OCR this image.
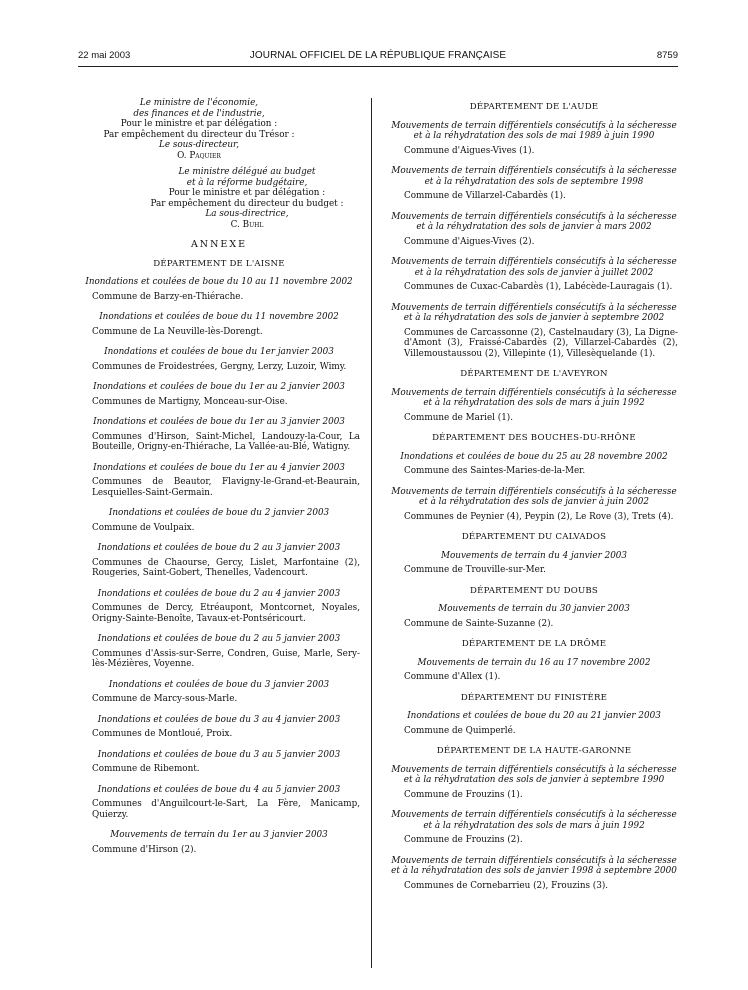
22 mai 2003	JOURNAL OFFICIEL DE LA RÉPUBLIQUE FRANÇAISE	8759
Le ministre de l'économie,
des finances et de l'industrie,
Pour le ministre et par délégation :
Par empêchement du directeur du Trésor :
Le sous-directeur,
O. Paquier
Le ministre délégué au budget
et à la réforme budgétaire,
Pour le ministre et par délégation :
Par empêchement du directeur du budget :
La sous-directrice,
C. Buhl
ANNEXE
DÉPARTEMENT DE L'AISNE
Inondations et coulées de boue du 10 au 11 novembre 2002
Commune de Barzy-en-Thiérache.
Inondations et coulées de boue du 11 novembre 2002
Commune de La Neuville-lès-Dorengt.
Inondations et coulées de boue du 1er janvier 2003
Communes de Froidestrées, Gergny, Lerzy, Luzoir, Wimy.
Inondations et coulées de boue du 1er au 2 janvier 2003
Communes de Martigny, Monceau-sur-Oise.
Inondations et coulées de boue du 1er au 3 janvier 2003
Communes d'Hirson, Saint-Michel, Landouzy-la-Cour, La Bouteille, Origny-en-Thiérache, La Vallée-au-Blé, Watigny.
Inondations et coulées de boue du 1er au 4 janvier 2003
Communes de Beautor, Flavigny-le-Grand-et-Beaurain, Lesquielles-Saint-Germain.
Inondations et coulées de boue du 2 janvier 2003
Commune de Voulpaix.
Inondations et coulées de boue du 2 au 3 janvier 2003
Communes de Chaourse, Gercy, Lislet, Marfontaine (2), Rougeries, Saint-Gobert, Thenelles, Vadencourt.
Inondations et coulées de boue du 2 au 4 janvier 2003
Communes de Dercy, Etréaupont, Montcornet, Noyales, Origny-Sainte-Benoîte, Tavaux-et-Pontséricourt.
Inondations et coulées de boue du 2 au 5 janvier 2003
Communes d'Assis-sur-Serre, Condren, Guise, Marle, Sery-lès-Mézières, Voyenne.
Inondations et coulées de boue du 3 janvier 2003
Commune de Marcy-sous-Marle.
Inondations et coulées de boue du 3 au 4 janvier 2003
Communes de Montloué, Proix.
Inondations et coulées de boue du 3 au 5 janvier 2003
Commune de Ribemont.
Inondations et coulées de boue du 4 au 5 janvier 2003
Communes d'Anguilcourt-le-Sart, La Fère, Manicamp, Quierzy.
Mouvements de terrain du 1er au 3 janvier 2003
Commune d'Hirson (2).
DÉPARTEMENT DE L'AUDE
Mouvements de terrain différentiels consécutifs à la sécheresse et à la réhydratation des sols de mai 1989 à juin 1990
Commune d'Aigues-Vives (1).
Mouvements de terrain différentiels consécutifs à la sécheresse et à la réhydratation des sols de septembre 1998
Commune de Villarzel-Cabardès (1).
Mouvements de terrain différentiels consécutifs à la sécheresse et à la réhydratation des sols de janvier à mars 2002
Commune d'Aigues-Vives (2).
Mouvements de terrain différentiels consécutifs à la sécheresse et à la réhydratation des sols de janvier à juillet 2002
Communes de Cuxac-Cabardès (1), Labécède-Lauragais (1).
Mouvements de terrain différentiels consécutifs à la sécheresse et à la réhydratation des sols de janvier à septembre 2002
Communes de Carcassonne (2), Castelnaudary (3), La Digne-d'Amont (3), Fraissé-Cabardès (2), Villarzel-Cabardès (2), Villemoustaussou (2), Villepinte (1), Villesèquelande (1).
DÉPARTEMENT DE L'AVEYRON
Mouvements de terrain différentiels consécutifs à la sécheresse et à la réhydratation des sols de mars à juin 1992
Commune de Mariel (1).
DÉPARTEMENT DES BOUCHES-DU-RHÔNE
Inondations et coulées de boue du 25 au 28 novembre 2002
Commune des Saintes-Maries-de-la-Mer.
Mouvements de terrain différentiels consécutifs à la sécheresse et à la réhydratation des sols de janvier à juin 2002
Communes de Peynier (4), Peypin (2), Le Rove (3), Trets (4).
DÉPARTEMENT DU CALVADOS
Mouvements de terrain du 4 janvier 2003
Commune de Trouville-sur-Mer.
DÉPARTEMENT DU DOUBS
Mouvements de terrain du 30 janvier 2003
Commune de Sainte-Suzanne (2).
DÉPARTEMENT DE LA DRÔME
Mouvements de terrain du 16 au 17 novembre 2002
Commune d'Allex (1).
DÉPARTEMENT DU FINISTÈRE
Inondations et coulées de boue du 20 au 21 janvier 2003
Commune de Quimperlé.
DÉPARTEMENT DE LA HAUTE-GARONNE
Mouvements de terrain différentiels consécutifs à la sécheresse et à la réhydratation des sols de janvier à septembre 1990
Commune de Frouzins (1).
Mouvements de terrain différentiels consécutifs à la sécheresse et à la réhydratation des sols de mars à juin 1992
Commune de Frouzins (2).
Mouvements de terrain différentiels consécutifs à la sécheresse et à la réhydratation des sols de janvier 1998 à septembre 2000
Communes de Cornebarrieu (2), Frouzins (3).
